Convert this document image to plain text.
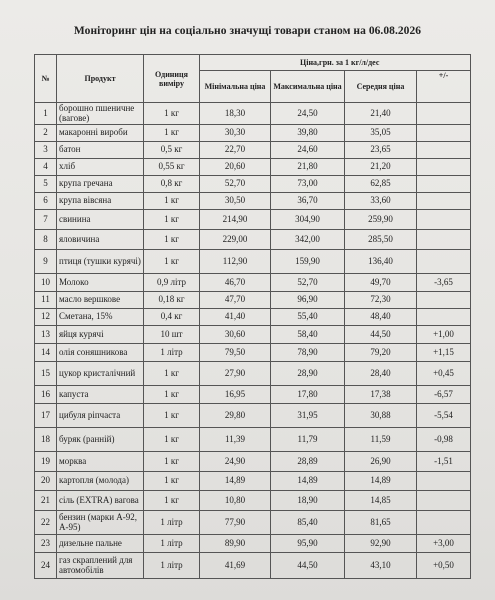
Моніторинг цін на соціально значущі товари станом на 06.08.2026
№	Продукт	Одиниця виміру	Ціна,грн. за 1 кг/л/дес			
			Мінімальна ціна	Максимальна ціна	Середня ціна	+/-
1	борошно пшеничне (вагове)	1 кг	18,30	24,50	21,40	
2	макаронні вироби	1 кг	30,30	39,80	35,05	
3	батон	0,5 кг	22,70	24,60	23,65	
4	хліб	0,55 кг	20,60	21,80	21,20	
5	крупа гречана	0,8 кг	52,70	73,00	62,85	
6	крупа вівсяна	1 кг	30,50	36,70	33,60	
7	свинина	1 кг	214,90	304,90	259,90	
8	яловичина	1 кг	229,00	342,00	285,50	
9	птиця (тушки курячі)	1 кг	112,90	159,90	136,40	
10	Молоко	0,9 літр	46,70	52,70	49,70	-3,65
11	масло вершкове	0,18 кг	47,70	96,90	72,30	
12	Сметана, 15%	0,4 кг	41,40	55,40	48,40	
13	яйця курячі	10 шт	30,60	58,40	44,50	+1,00
14	олія соняшникова	1 літр	79,50	78,90	79,20	+1,15
15	цукор кристалічний	1 кг	27,90	28,90	28,40	+0,45
16	капуста	1 кг	16,95	17,80	17,38	-6,57
17	цибуля ріпчаста	1 кг	29,80	31,95	30,88	-5,54
18	буряк (ранній)	1 кг	11,39	11,79	11,59	-0,98
19	морква	1 кг	24,90	28,89	26,90	-1,51
20	картопля (молода)	1 кг	14,89	14,89	14,89	
21	сіль (EXTRA) вагова	1 кг	10,80	18,90	14,85	
22	бензин (марки А-92, А-95)	1 літр	77,90	85,40	81,65	
23	дизельне пальне	1 літр	89,90	95,90	92,90	+3,00
24	газ скраплений для автомобілів	1 літр	41,69	44,50	43,10	+0,50
